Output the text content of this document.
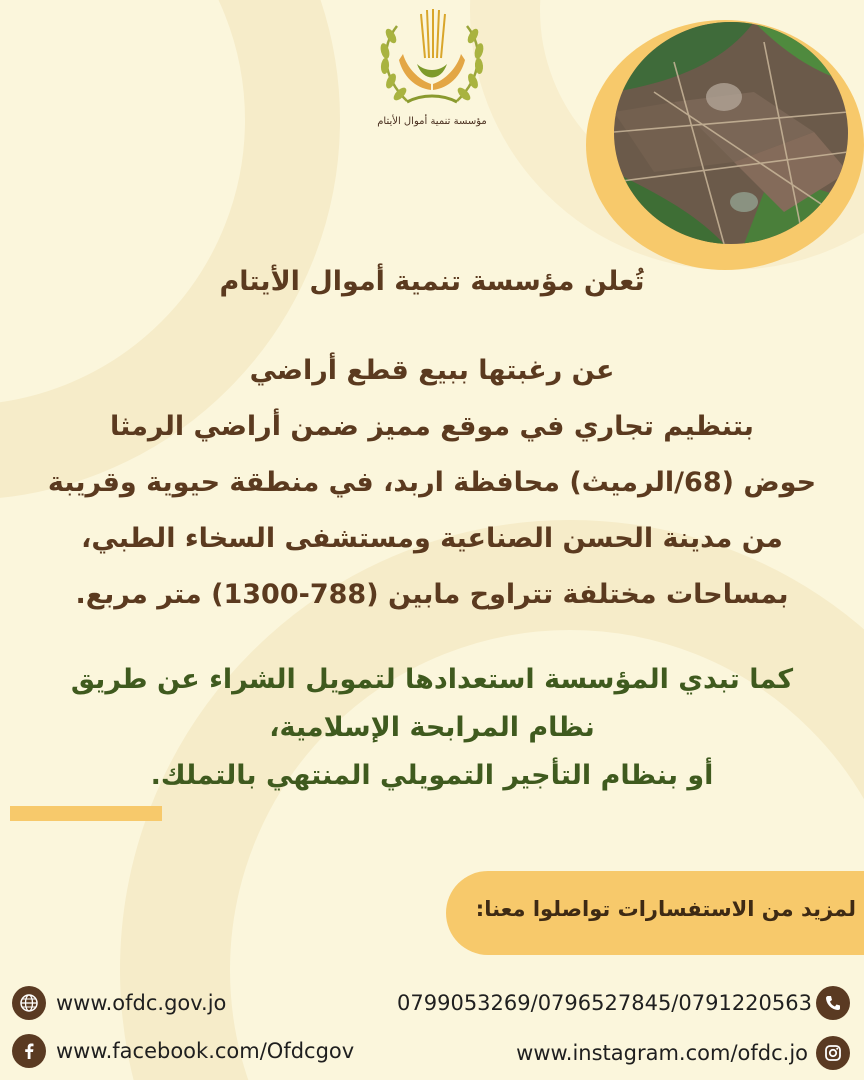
مؤسسة تنمية أموال الأيتام
تُعلن مؤسسة تنمية أموال الأيتام
عن رغبتها ببيع قطع أراضي
بتنظيم تجاري في موقع مميز ضمن أراضي الرمثا
حوض (68/الرميث) محافظة اربد، في منطقة حيوية وقريبة
من مدينة الحسن الصناعية ومستشفى السخاء الطبي،
بمساحات مختلفة تتراوح مابين (788-1300) متر مربع.
كما تبدي المؤسسة استعدادها لتمويل الشراء عن طريق
نظام المرابحة الإسلامية،
أو بنظام التأجير التمويلي المنتهي بالتملك.
لمزيد من الاستفسارات تواصلوا معنا:
www.ofdc.gov.jo	0799053269/0796527845/0791220563
www.facebook.com/Ofdcgov	www.instagram.com/ofdc.jo
